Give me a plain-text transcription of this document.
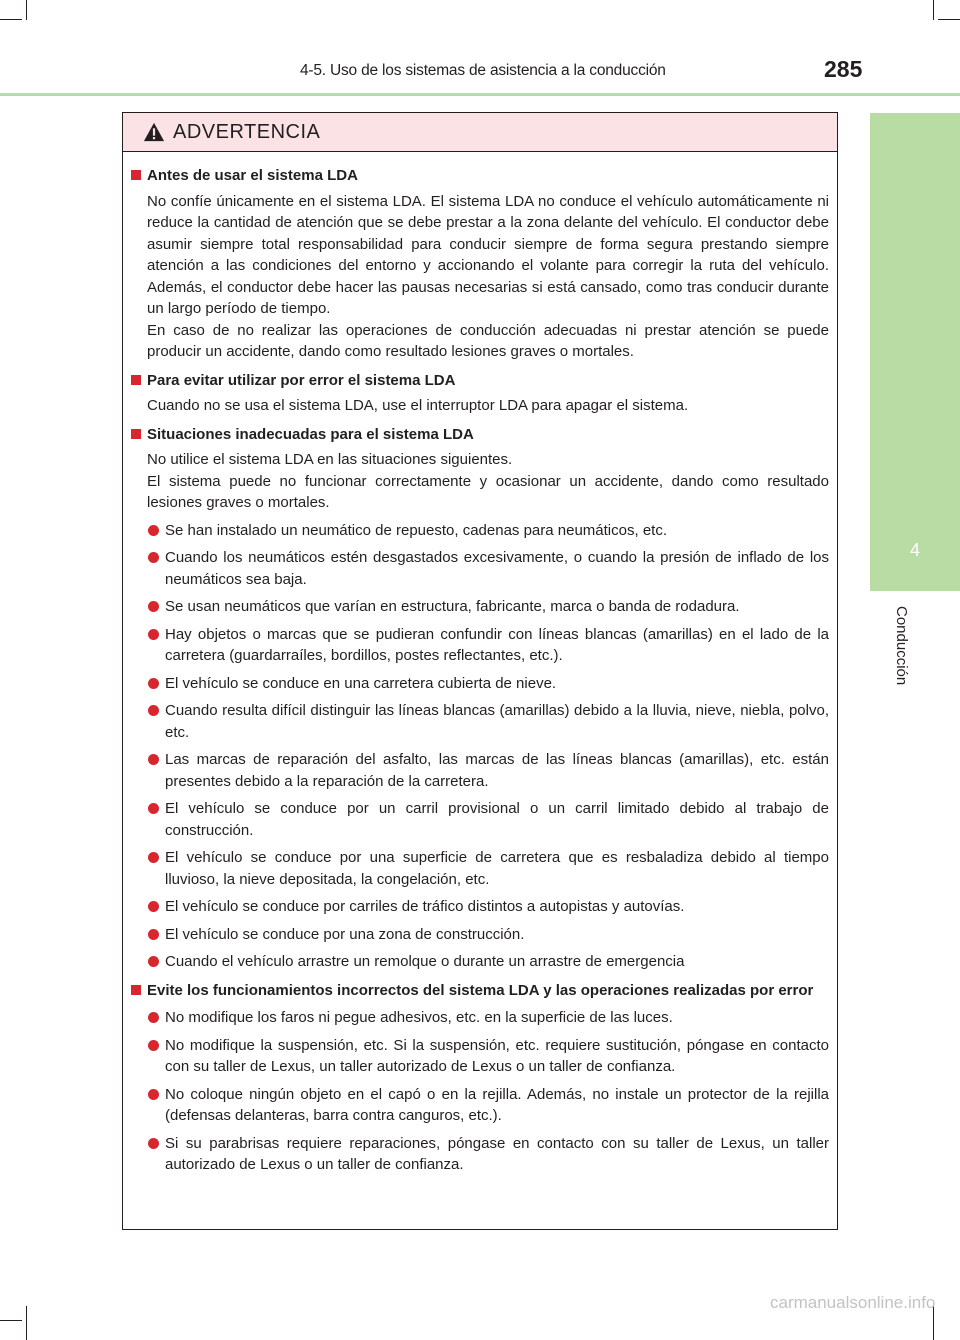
4-5. Uso de los sistemas de asistencia a la conducción	285
4
Conducción
ADVERTENCIA
Antes de usar el sistema LDA
No confíe únicamente en el sistema LDA. El sistema LDA no conduce el vehículo automáticamente ni reduce la cantidad de atención que se debe prestar a la zona delante del vehículo. El conductor debe asumir siempre total responsabilidad para conducir siempre de forma segura prestando siempre atención a las condiciones del entorno y accionando el volante para corregir la ruta del vehículo. Además, el conductor debe hacer las pausas necesarias si está cansado, como tras conducir durante un largo período de tiempo.
En caso de no realizar las operaciones de conducción adecuadas ni prestar atención se puede producir un accidente, dando como resultado lesiones graves o mortales.
Para evitar utilizar por error el sistema LDA
Cuando no se usa el sistema LDA, use el interruptor LDA para apagar el sistema.
Situaciones inadecuadas para el sistema LDA
No utilice el sistema LDA en las situaciones siguientes.
El sistema puede no funcionar correctamente y ocasionar un accidente, dando como resultado lesiones graves o mortales.
Se han instalado un neumático de repuesto, cadenas para neumáticos, etc.
Cuando los neumáticos estén desgastados excesivamente, o cuando la presión de inflado de los neumáticos sea baja.
Se usan neumáticos que varían en estructura, fabricante, marca o banda de rodadura.
Hay objetos o marcas que se pudieran confundir con líneas blancas (amarillas) en el lado de la carretera (guardarraíles, bordillos, postes reflectantes, etc.).
El vehículo se conduce en una carretera cubierta de nieve.
Cuando resulta difícil distinguir las líneas blancas (amarillas) debido a la lluvia, nieve, niebla, polvo, etc.
Las marcas de reparación del asfalto, las marcas de las líneas blancas (amarillas), etc. están presentes debido a la reparación de la carretera.
El vehículo se conduce por un carril provisional o un carril limitado debido al trabajo de construcción.
El vehículo se conduce por una superficie de carretera que es resbaladiza debido al tiempo lluvioso, la nieve depositada, la congelación, etc.
El vehículo se conduce por carriles de tráfico distintos a autopistas y autovías.
El vehículo se conduce por una zona de construcción.
Cuando el vehículo arrastre un remolque o durante un arrastre de emergencia
Evite los funcionamientos incorrectos del sistema LDA y las operaciones realizadas por error
No modifique los faros ni pegue adhesivos, etc. en la superficie de las luces.
No modifique la suspensión, etc. Si la suspensión, etc. requiere sustitución, póngase en contacto con su taller de Lexus, un taller autorizado de Lexus o un taller de confianza.
No coloque ningún objeto en el capó o en la rejilla. Además, no instale un protector de la rejilla (defensas delanteras, barra contra canguros, etc.).
Si su parabrisas requiere reparaciones, póngase en contacto con su taller de Lexus, un taller autorizado de Lexus o un taller de confianza.
carmanualsonline.info
